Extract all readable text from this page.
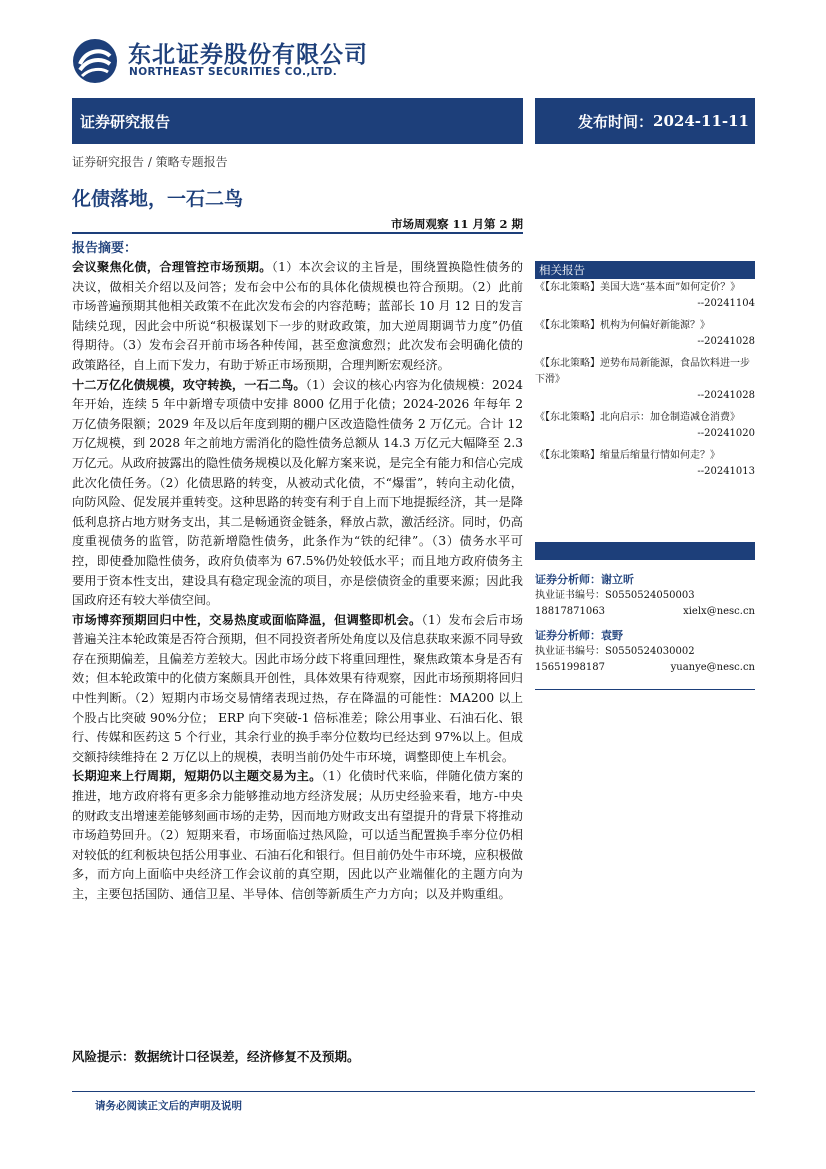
东北证券股份有限公司
NORTHEAST SECURITIES CO.,LTD.
证券研究报告	发布时间： 2024-11-11
证券研究报告 / 策略专题报告
化债落地，一石二鸟
市场周观察 11 月第 2 期
报告摘要：

会议聚焦化债，合理管控市场预期。（1）本次会议的主旨是，围绕置换隐性债务的决议，做相关介绍以及问答；发布会中公布的具体化债规模也符合预期。（2）此前市场普遍预期其他相关政策不在此次发布会的内容范畴；蓝部长 10 月 12 日的发言陆续兑现，因此会中所说“积极谋划下一步的财政政策，加大逆周期调节力度”仍值得期待。（3）发布会召开前市场各种传闻，甚至愈演愈烈；此次发布会明确化债的政策路径，自上而下发力，有助于矫正市场预期，合理判断宏观经济。

十二万亿化债规模，攻守转换，一石二鸟。（1）会议的核心内容为化债规模：2024 年开始，连续 5 年中新增专项债中安排 8000 亿用于化债；2024-2026 年每年 2 万亿债务限额；2029 年及以后年度到期的棚户区改造隐性债务 2 万亿元。合计 12 万亿规模，到 2028 年之前地方需消化的隐性债务总额从 14.3 万亿元大幅降至 2.3 万亿元。从政府披露出的隐性债务规模以及化解方案来说，是完全有能力和信心完成此次化债任务。（2）化债思路的转变，从被动式化债，不“爆雷”，转向主动化债，向防风险、促发展并重转变。这种思路的转变有利于自上而下地提振经济，其一是降低利息挤占地方财务支出，其二是畅通资金链条，释放占款，激活经济。同时，仍高度重视债务的监管，防范新增隐性债务，此条作为“铁的纪律”。（3）债务水平可控，即使叠加隐性债务，政府负债率为 67.5%仍处较低水平；而且地方政府债务主要用于资本性支出，建设具有稳定现金流的项目，亦是偿债资金的重要来源；因此我国政府还有较大举债空间。

市场博弈预期回归中性，交易热度或面临降温，但调整即机会。（1）发布会后市场普遍关注本轮政策是否符合预期，但不同投资者所处角度以及信息获取来源不同导致存在预期偏差，且偏差方差较大。因此市场分歧下将重回理性，聚焦政策本身是否有效；但本轮政策中的化债方案颇具开创性，具体效果有待观察，因此市场预期将回归中性判断。（2）短期内市场交易情绪表现过热，存在降温的可能性：MA200 以上个股占比突破 90%分位； ERP 向下突破-1 倍标准差；除公用事业、石油石化、银行、传媒和医药这 5 个行业，其余行业的换手率分位数均已经达到 97%以上。但成交额持续维持在 2 万亿以上的规模，表明当前仍处牛市环境，调整即使上车机会。

长期迎来上行周期，短期仍以主题交易为主。（1）化债时代来临，伴随化债方案的推进，地方政府将有更多余力能够推动地方经济发展；从历史经验来看，地方-中央的财政支出增速差能够刻画市场的走势，因而地方财政支出有望提升的背景下将推动市场趋势回升。（2）短期来看，市场面临过热风险，可以适当配置换手率分位仍相对较低的红利板块包括公用事业、石油石化和银行。但目前仍处牛市环境，应积极做多，而方向上面临中央经济工作会议前的真空期，因此以产业端催化的主题方向为主，主要包括国防、通信卫星、半导体、信创等新质生产力方向；以及并购重组。

风险提示：数据统计口径误差，经济修复不及预期。
相关报告
《【东北策略】美国大选“基本面”如何定价？》
--20241104
《【东北策略】机构为何偏好新能源？》
--20241028
《【东北策略】逆势布局新能源，食品饮料进一步下滑》
--20241028
《【东北策略】北向启示：加仓制造减仓消费》
--20241020
《【东北策略】缩量后缩量行情如何走？》
--20241013
证券分析师：谢立昕
执业证书编号：S0550524050003
18817871063	xielx@nesc.cn
证券分析师：袁野
执业证书编号：S0550524030002
15651998187	yuanye@nesc.cn
请务必阅读正文后的声明及说明
